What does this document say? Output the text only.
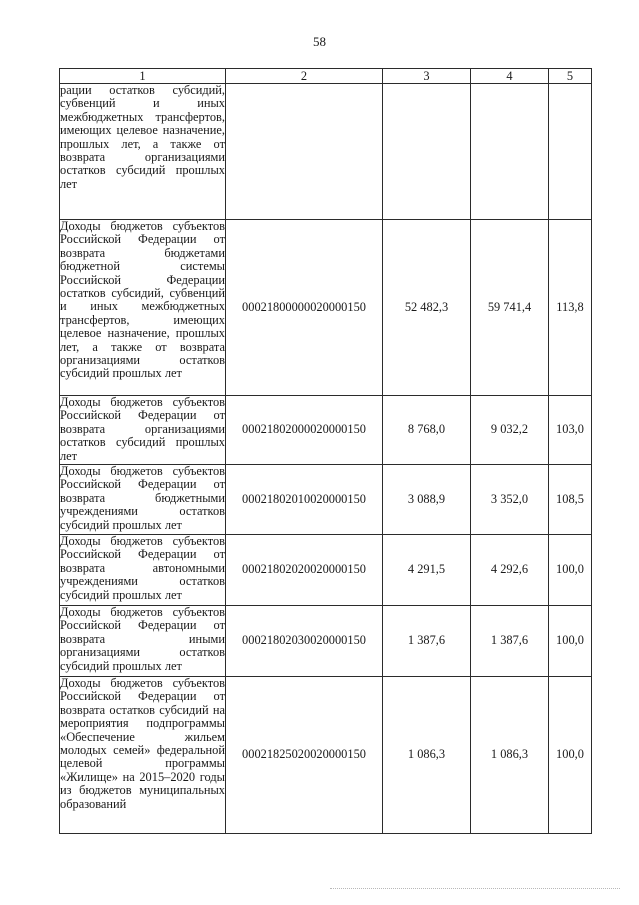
58
1	2	3	4	5
рации остатков субсидий, субвенций и иных межбюджетных трансфертов, имеющих целевое назначение, прошлых лет, а также от возврата организациями остатков субсидий прошлых лет				
Доходы бюджетов субъектов Российской Федерации от возврата бюджетами бюджетной системы Российской Федерации остатков субсидий, субвенций и иных межбюджетных трансфертов, имеющих целевое назначение, прошлых лет, а также от возврата организациями остатков субсидий прошлых лет	00021800000020000150	52 482,3	59 741,4	113,8
Доходы бюджетов субъектов Российской Федерации от возврата организациями остатков субсидий прошлых лет	00021802000020000150	8 768,0	9 032,2	103,0
Доходы бюджетов субъектов Российской Федерации от возврата бюджетными учреждениями остатков субсидий прошлых лет	00021802010020000150	3 088,9	3 352,0	108,5
Доходы бюджетов субъектов Российской Федерации от возврата автономными учреждениями остатков субсидий прошлых лет	00021802020020000150	4 291,5	4 292,6	100,0
Доходы бюджетов субъектов Российской Федерации от возврата иными организациями остатков субсидий прошлых лет	00021802030020000150	1 387,6	1 387,6	100,0
Доходы бюджетов субъектов Российской Федерации от возврата остатков субсидий на мероприятия подпрограммы «Обеспечение жильем молодых семей» федеральной целевой программы «Жилище» на 2015–2020 годы из бюджетов муниципальных образований	00021825020020000150	1 086,3	1 086,3	100,0
